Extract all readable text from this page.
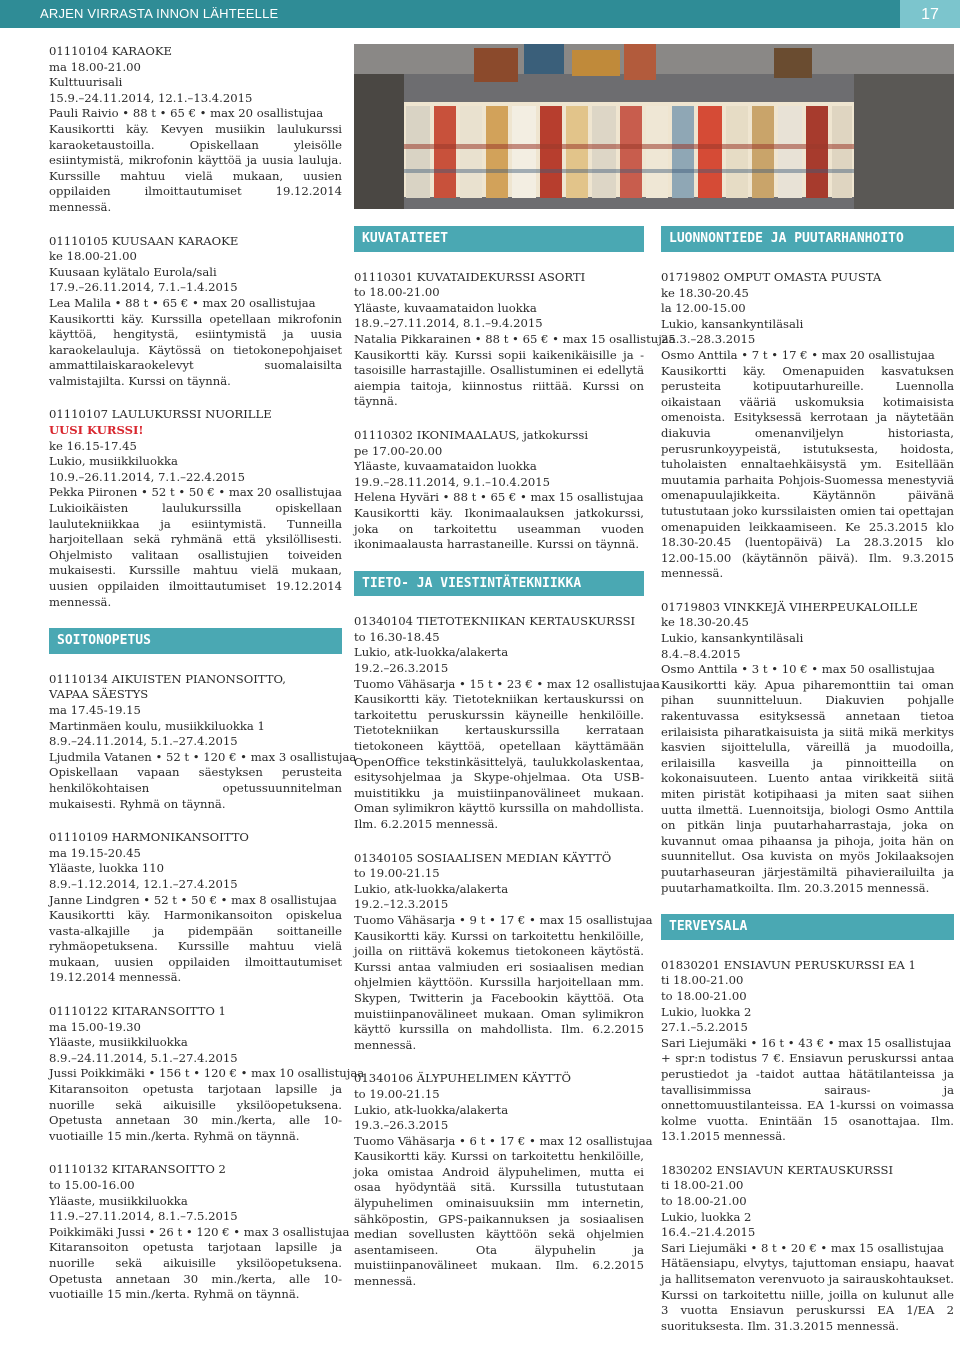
ARJEN VIRRASTA INNON LÄHTEELLE	17
01110104 KARAOKE
ma 18.00-21.00
Kulttuurisali
15.9.–24.11.2014, 12.1.–13.4.2015
Pauli Raivio • 88 t • 65 € • max 20 osallistujaa
Kausikortti käy. Kevyen musiikin laulukurssi karaoketaustoilla. Opiskellaan yleisölle esiintymistä, mikrofonin käyttöä ja uusia lauluja. Kurssille mahtuu vielä mukaan, uusien oppilaiden ilmoittautumiset 19.12.2014 mennessä.
01110105 KUUSAAN KARAOKE
ke 18.00-21.00
Kuusaan kylätalo Eurola/sali
17.9.–26.11.2014, 7.1.–1.4.2015
Lea Malila • 88 t • 65 € • max 20 osallistujaa
Kausikortti käy. Kurssilla opetellaan mikrofonin käyttöä, hengitystä, esiintymistä ja uusia karaokelauluja. Käytössä on tietokonepohjaiset ammattilaiskaraokelevyt suomalaisilta valmistajilta. Kurssi on täynnä.
01110107 LAULUKURSSI NUORILLE
UUSI KURSSI!
ke 16.15-17.45
Lukio, musiikkiluokka
10.9.–26.11.2014, 7.1.–22.4.2015
Pekka Piironen • 52 t • 50 € • max 20 osallistujaa
Lukioikäisten laulukurssilla opiskellaan laulutekniikkaa ja esiintymistä. Tunneilla harjoitellaan sekä ryhmänä että yksilöllisesti. Ohjelmisto valitaan osallistujien toiveiden mukaisesti. Kurssille mahtuu vielä mukaan, uusien oppilaiden ilmoittautumiset 19.12.2014 mennessä.
SOITONOPETUS
01110134 AIKUISTEN PIANONSOITTO,
VAPAA SÄESTYS
ma 17.45-19.15
Martinmäen koulu, musiikkiluokka 1
8.9.–24.11.2014, 5.1.–27.4.2015
Ljudmila Vatanen • 52 t • 120 € • max 3 osallistujaa
Opiskellaan vapaan säestyksen perusteita henkilökohtaisen opetussuunnitelman mukaisesti. Ryhmä on täynnä.
01110109 HARMONIKANSOITTO
ma 19.15-20.45
Yläaste, luokka 110
8.9.–1.12.2014, 12.1.–27.4.2015
Janne Lindgren • 52 t • 50 € • max 8 osallistujaa
Kausikortti käy. Harmonikansoiton opiskelua vasta-alkajille ja pidempään soittaneille ryhmäopetuksena. Kurssille mahtuu vielä mukaan, uusien oppilaiden ilmoittautumiset 19.12.2014 mennessä.
01110122 KITARANSOITTO 1
ma 15.00-19.30
Yläaste, musiikkiluokka
8.9.–24.11.2014, 5.1.–27.4.2015
Jussi Poikkimäki • 156 t • 120 € • max 10 osallistujaa
Kitaransoiton opetusta tarjotaan lapsille ja nuorille sekä aikuisille yksilöopetuksena. Opetusta annetaan 30 min./kerta, alle 10-vuotiaille 15 min./kerta. Ryhmä on täynnä.
01110132 KITARANSOITTO 2
to 15.00-16.00
Yläaste, musiikkiluokka
11.9.–27.11.2014, 8.1.–7.5.2015
Poikkimäki Jussi • 26 t • 120 € • max 3 osallistujaa
Kitaransoiton opetusta tarjotaan lapsille ja nuorille sekä aikuisille yksilöopetuksena. Opetusta annetaan 30 min./kerta, alle 10-vuotiaille 15 min./kerta. Ryhmä on täynnä.
KUVATAITEET
01110301 KUVATAIDEKURSSI ASORTI
to 18.00-21.00
Yläaste, kuvaamataidon luokka
18.9.–27.11.2014, 8.1.–9.4.2015
Natalia Pikkarainen • 88 t • 65 € • max 15 osallistujaa
Kausikortti käy. Kurssi sopii kaikenikäisille ja -tasoisille harrastajille. Osallistuminen ei edellytä aiempia taitoja, kiinnostus riittää. Kurssi on täynnä.
01110302 IKONIMAALAUS, jatkokurssi
pe 17.00-20.00
Yläaste, kuvaamataidon luokka
19.9.–28.11.2014, 9.1.–10.4.2015
Helena Hyväri • 88 t • 65 € • max 15 osallistujaa
Kausikortti käy. Ikonimaalauksen jatkokurssi, joka on tarkoitettu useamman vuoden ikonimaalausta harrastaneille. Kurssi on täynnä.
TIETO- JA VIESTINTÄTEKNIIKKA
01340104 TIETOTEKNIIKAN KERTAUSKURSSI
to 16.30-18.45
Lukio, atk-luokka/alakerta
19.2.–26.3.2015
Tuomo Vähäsarja • 15 t • 23 € • max 12 osallistujaa
Kausikortti käy. Tietotekniikan kertauskurssi on tarkoitettu peruskurssin käyneille henkilöille. Tietotekniikan kertauskurssilla kerrataan tietokoneen käyttöä, opetellaan käyttämään OpenOffice tekstinkäsittelyä, taulukkolaskentaa, esitysohjelmaa ja Skype-ohjelmaa. Ota USB-muistitikku ja muistiinpanovälineet mukaan. Oman sylimikron käyttö kurssilla on mahdollista. Ilm. 6.2.2015 mennessä.
01340105 SOSIAALISEN MEDIAN KÄYTTÖ
to 19.00-21.15
Lukio, atk-luokka/alakerta
19.2.–12.3.2015
Tuomo Vähäsarja • 9 t • 17 € • max 15 osallistujaa
Kausikortti käy. Kurssi on tarkoitettu henkilöille, joilla on riittävä kokemus tietokoneen käytöstä. Kurssi antaa valmiuden eri sosiaalisen median ohjelmien käyttöön. Kurssilla harjoitellaan mm. Skypen, Twitterin ja Facebookin käyttöä. Ota muistiinpanovälineet mukaan. Oman sylimikron käyttö kurssilla on mahdollista. Ilm. 6.2.2015 mennessä.
01340106 ÄLYPUHELIMEN KÄYTTÖ
to 19.00-21.15
Lukio, atk-luokka/alakerta
19.3.–26.3.2015
Tuomo Vähäsarja • 6 t • 17 € • max 12 osallistujaa
Kausikortti käy. Kurssi on tarkoitettu henkilöille, joka omistaa Android älypuhelimen, mutta ei osaa hyödyntää sitä. Kurssilla tutustutaan älypuhelimen ominaisuuksiin mm internetin, sähköpostin, GPS-paikannuksen ja sosiaalisen median sovellusten käyttöön sekä ohjelmien asentamiseen. Ota älypuhelin ja muistiinpanovälineet mukaan. Ilm. 6.2.2015 mennessä.
LUONNONTIEDE JA PUUTARHANHOITO
01719802 OMPUT OMASTA PUUSTA
ke 18.30-20.45
la 12.00-15.00
Lukio, kansankyntiläsali
25.3.–28.3.2015
Osmo Anttila • 7 t • 17 € • max 20 osallistujaa
Kausikortti käy. Omenapuiden kasvatuksen perusteita kotipuutarhureille. Luennolla oikaistaan vääriä uskomuksia kotimaisista omenoista. Esityksessä kerrotaan ja näytetään diakuvia omenanviljelyn historiasta, perusrunkoyypeistä, istutuksesta, hoidosta, tuholaisten ennaltaehkäisystä ym. Esitellään muutamia parhaita Pohjois-Suomessa menestyviä omenapuulajikkeita. Käytännön päivänä tutustutaan joko kurssilaisten omien tai opettajan omenapuiden leikkaamiseen. Ke 25.3.2015 klo 18.30-20.45 (luentopäivä) La 28.3.2015 klo 12.00-15.00 (käytännön päivä). Ilm. 9.3.2015 mennessä.
01719803 VINKKEJÄ VIHERPEUKALOILLE
ke 18.30-20.45
Lukio, kansankyntiläsali
8.4.–8.4.2015
Osmo Anttila • 3 t • 10 € • max 50 osallistujaa
Kausikortti käy. Apua piharemonttiin tai oman pihan suunnitteluun. Diakuvien pohjalle rakentuvassa esityksessä annetaan tietoa erilaisista piharatkaisuista ja siitä mikä merkitys kasvien sijoittelulla, väreillä ja muodoilla, erilaisilla kasveilla ja pinnoitteilla on kokonaisuuteen. Luento antaa virikkeitä siitä miten piristät kotipihaasi ja miten saat siihen uutta ilmettä. Luennoitsija, biologi Osmo Anttila on pitkän linja puutarhaharrastaja, joka on kuvannut omaa pihaansa ja pihoja, joita hän on suunnitellut. Osa kuvista on myös Jokilaaksojen puutarhaseuran järjestämiltä pihavierailuilta ja puutarhamatkoilta. Ilm. 20.3.2015 mennessä.
TERVEYSALA
01830201 ENSIAVUN PERUSKURSSI EA 1
ti 18.00-21.00
to 18.00-21.00
Lukio, luokka 2
27.1.–5.2.2015
Sari Liejumäki • 16 t • 43 € • max 15 osallistujaa
+ spr:n todistus 7 €. Ensiavun peruskurssi antaa perustiedot ja -taidot auttaa hätätilanteissa ja tavallisimmissa sairaus- ja onnettomuustilanteissa. EA 1-kurssi on voimassa kolme vuotta. Enintään 15 osanottajaa. Ilm. 13.1.2015 mennessä.
1830202 ENSIAVUN KERTAUSKURSSI
ti 18.00-21.00
to 18.00-21.00
Lukio, luokka 2
16.4.–21.4.2015
Sari Liejumäki • 8 t • 20 € • max 15 osallistujaa
Hätäensiapu, elvytys, tajuttoman ensiapu, haavat ja hallitsematon verenvuoto ja sairauskohtaukset. Kurssi on tarkoitettu niille, joilla on kulunut alle 3 vuotta Ensiavun peruskurssi EA 1/EA 2 suorituksesta. Ilm. 31.3.2015 mennessä.
